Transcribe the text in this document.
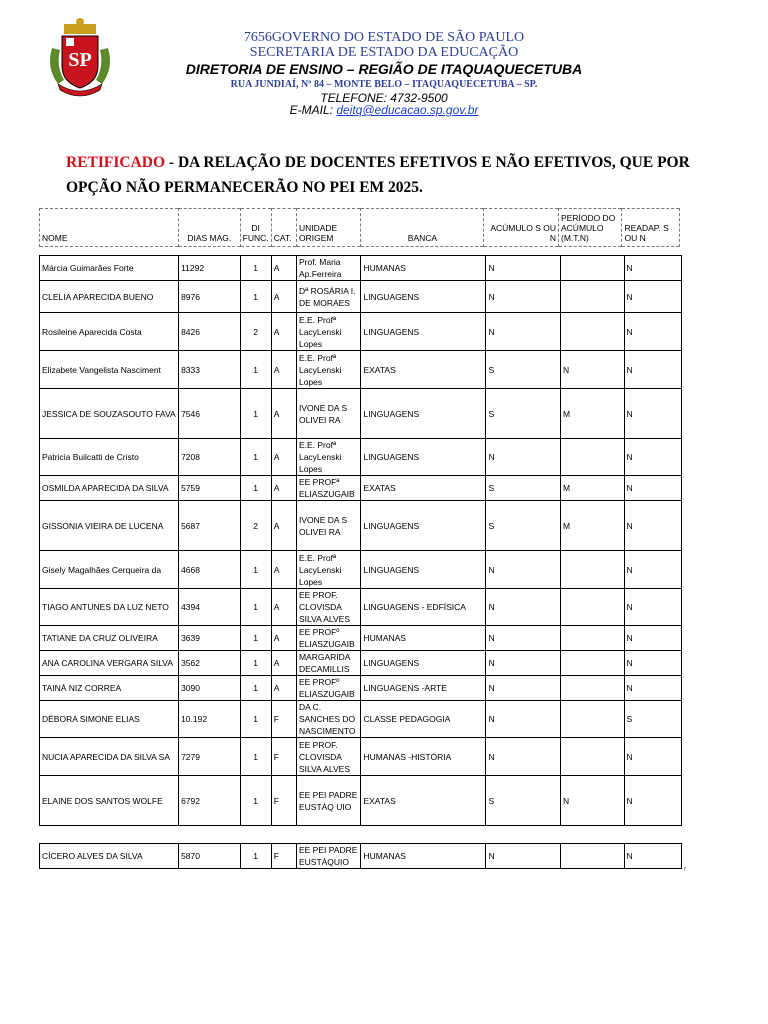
SP
7656GOVERNO DO ESTADO DE SÃO PAULO
SECRETARIA DE ESTADO DA EDUCAÇÃO
DIRETORIA DE ENSINO – REGIÃO DE ITAQUAQUECETUBA
RUA JUNDIAÍ, Nº 84 – MONTE BELO – ITAQUAQUECETUBA – SP.
TELEFONE: 4732-9500
E-MAIL: deitq@educacao.sp.gov.br
RETIFICADO - DA RELAÇÃO DE DOCENTES EFETIVOS E NÃO EFETIVOS, QUE POR OPÇÃO NÃO PERMANECERÃO NO PEI EM 2025.
NOME	DIAS MAG.	DI FUNC.	CAT.	UNIDADE ORIGEM	BANCA	ACÚMULO S OU N	PERÍODO DO ACÚMULO (M.T.N)	READAP. S OU N
Márcia Guimarães Forte	11292	1	A	Prof. Maria Ap.Ferreira	HUMANAS	N		N
CLELIA APARECIDA BUENO	8976	1	A	Dª ROSÁRIA I. DE MORAES	LINGUAGENS	N		N
Rosileine Aparecida Costa	8426	2	A	E.E. Profª LacyLenski Lopes	LINGUAGENS	N		N
Elizabete Vangelista Nasciment	8333	1	A	E.E. Profª LacyLenski Lopes	EXATAS	S	N	N
JESSICA DE SOUZASOUTO FAVA	7546	1	A	IVONE DA S OLIVEI RA	LINGUAGENS	S	M	N
Patricia Builcatti de Cristo	7208	1	A	E.E. Profª LacyLenski Lopes	LINGUAGENS	N		N
OSMILDA APARECIDA DA SILVA	5759	1	A	EE PROFª ELIASZUGAIB	EXATAS	S	M	N
GISSONIA VIEIRA DE LUCENA	5687	2	A	IVONE DA S OLIVEI RA	LINGUAGENS	S	M	N
Gisely Magalhães Cerqueira da	4668	1	A	E.E. Profª LacyLenski Lopes	LINGUAGENS	N		N
TIAGO ANTUNES DA LUZ NETO	4394	1	A	EE PROF. CLOVISDA SILVA ALVES	LINGUAGENS - EDFÍSICA	N		N
TATIANE DA CRUZ OLIVEIRA	3639	1	A	EE PROFº ELIASZUGAIB	HUMANAS	N		N
ANA CAROLINA VERGARA SILVA	3562	1	A	MARGARIDA DECAMILLIS	LINGUAGENS	N		N
TAINÁ NIZ CORREA	3090	1	A	EE PROFº ELIASZUGAIB	LINGUAGENS -ARTE	N		N
DÉBORA SIMONE ELIAS	10.192	1	F	DA C. SANCHES DO NASCIMENTO	CLASSE PEDAGOGIA	N		S
NUCIA APARECIDA DA SILVA SA	7279	1	F	EE PROF. CLOVISDA SILVA ALVES	HUMANAS -HISTÓRIA	N		N
ELAINE DOS SANTOS WOLFE	6792	1	F	EE PEI PADRE EUSTÁQ UIO	EXATAS	S	N	N
CÍCERO ALVES DA SILVA	5870	1	F	EE PEI PADRE EUSTÁQUIO	HUMANAS	N		N
r
